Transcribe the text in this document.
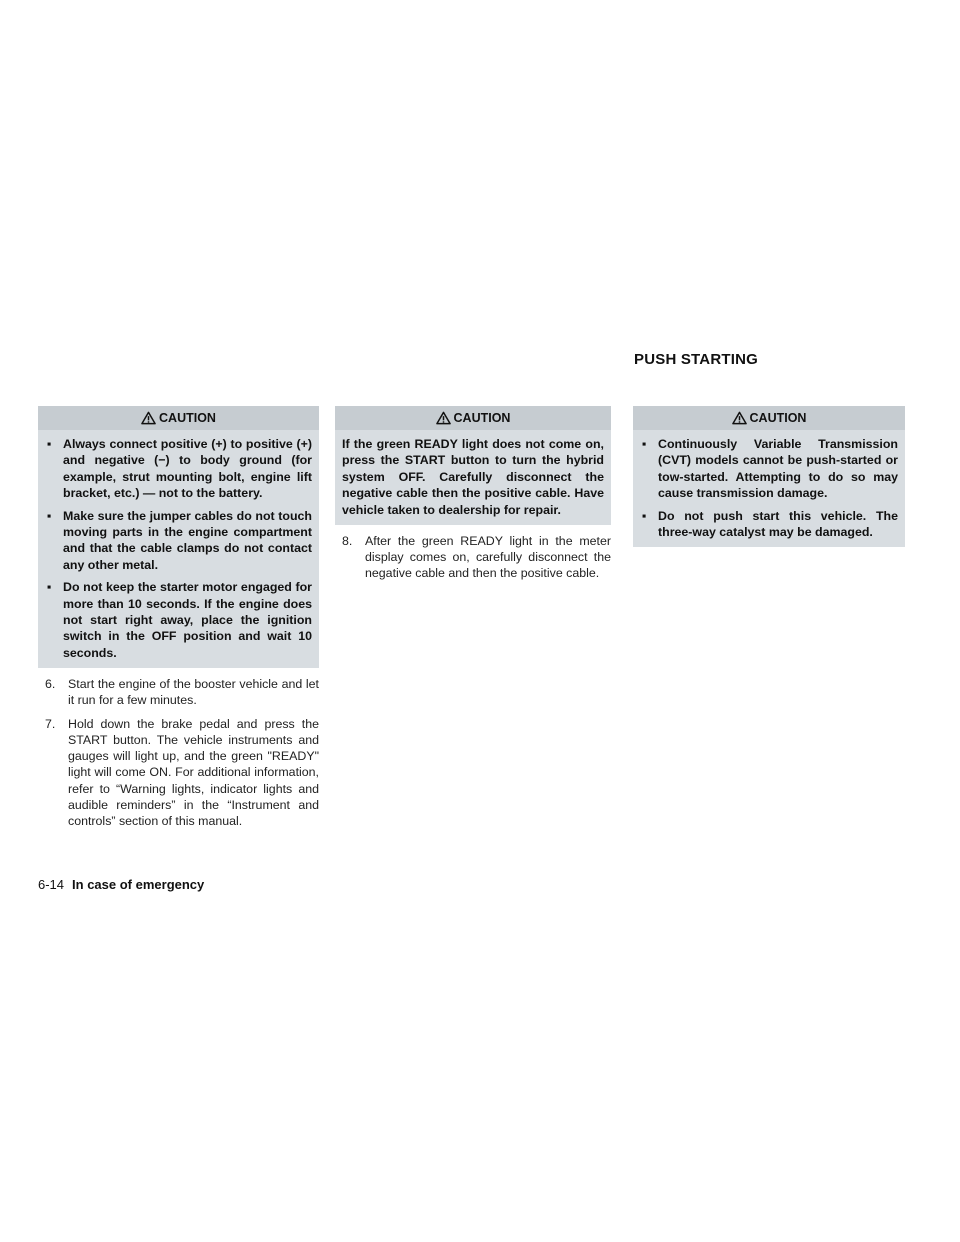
PUSH STARTING
CAUTION

▪ Always connect positive (+) to positive (+) and negative (−) to body ground (for example, strut mounting bolt, engine lift bracket, etc.) — not to the battery.

▪ Make sure the jumper cables do not touch moving parts in the engine compartment and that the cable clamps do not contact any other metal.

▪ Do not keep the starter motor engaged for more than 10 seconds. If the engine does not start right away, place the ignition switch in the OFF position and wait 10 seconds.

6. Start the engine of the booster vehicle and let it run for a few minutes.
7. Hold down the brake pedal and press the START button. The vehicle instruments and gauges will light up, and the green "READY" light will come ON. For additional information, refer to “Warning lights, indicator lights and audible reminders” in the “Instrument and controls” section of this manual.
CAUTION

If the green READY light does not come on, press the START button to turn the hybrid system OFF. Carefully disconnect the negative cable then the positive cable. Have vehicle taken to dealership for repair.

8. After the green READY light in the meter display comes on, carefully disconnect the negative cable and then the positive cable.
CAUTION

▪ Continuously Variable Transmission (CVT) models cannot be push-started or tow-started. Attempting to do so may cause transmission damage.

▪ Do not push start this vehicle. The three-way catalyst may be damaged.

6-14 In case of emergency
